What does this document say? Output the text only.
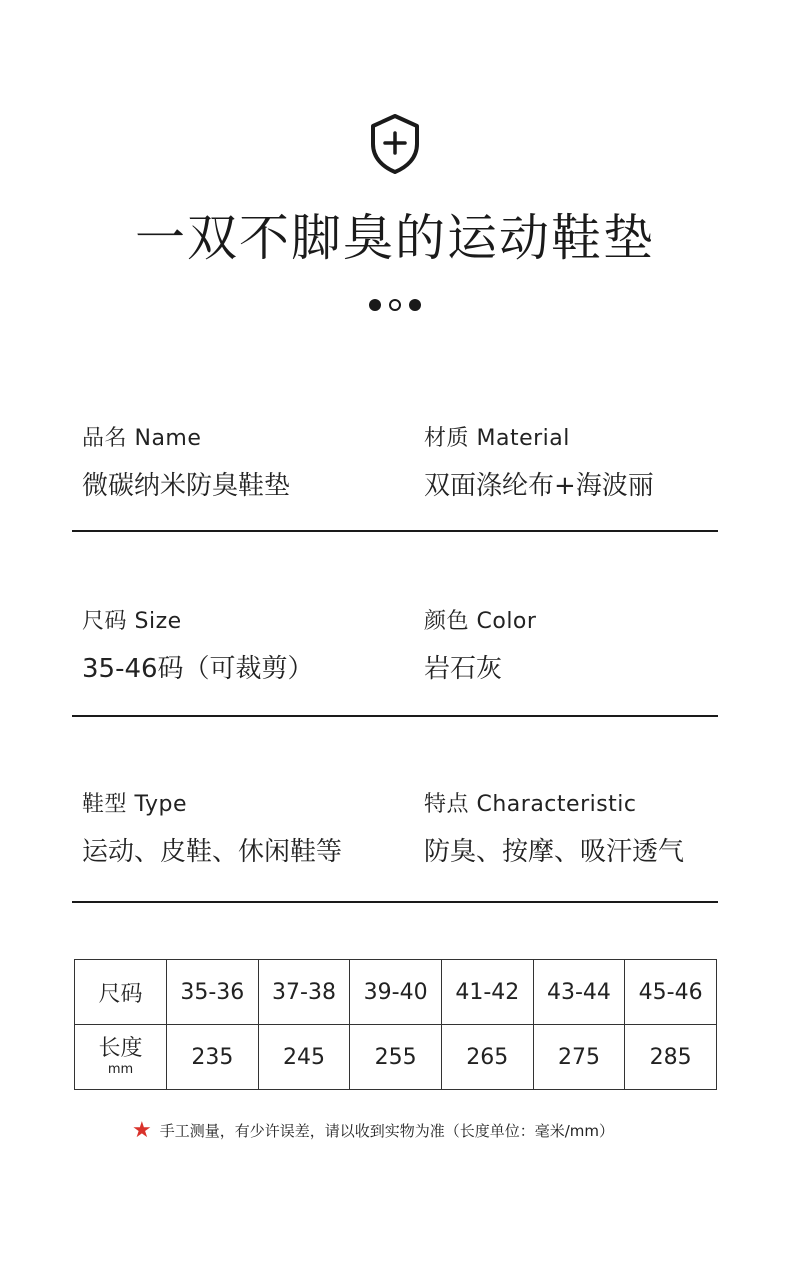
一双不脚臭的运动鞋垫
品名 Name
微碳纳米防臭鞋垫
材质 Material
双面涤纶布+海波丽
尺码 Size
35-46码（可裁剪）
颜色 Color
岩石灰
鞋型 Type
运动、皮鞋、休闲鞋等
特点 Characteristic
防臭、按摩、吸汗透气
尺码	35-36	37-38	39-40	41-42	43-44	45-46

长度
mm	235	245	255	265	275	285
★ 手工测量，有少许误差，请以收到实物为准（长度单位：毫米/mm）
